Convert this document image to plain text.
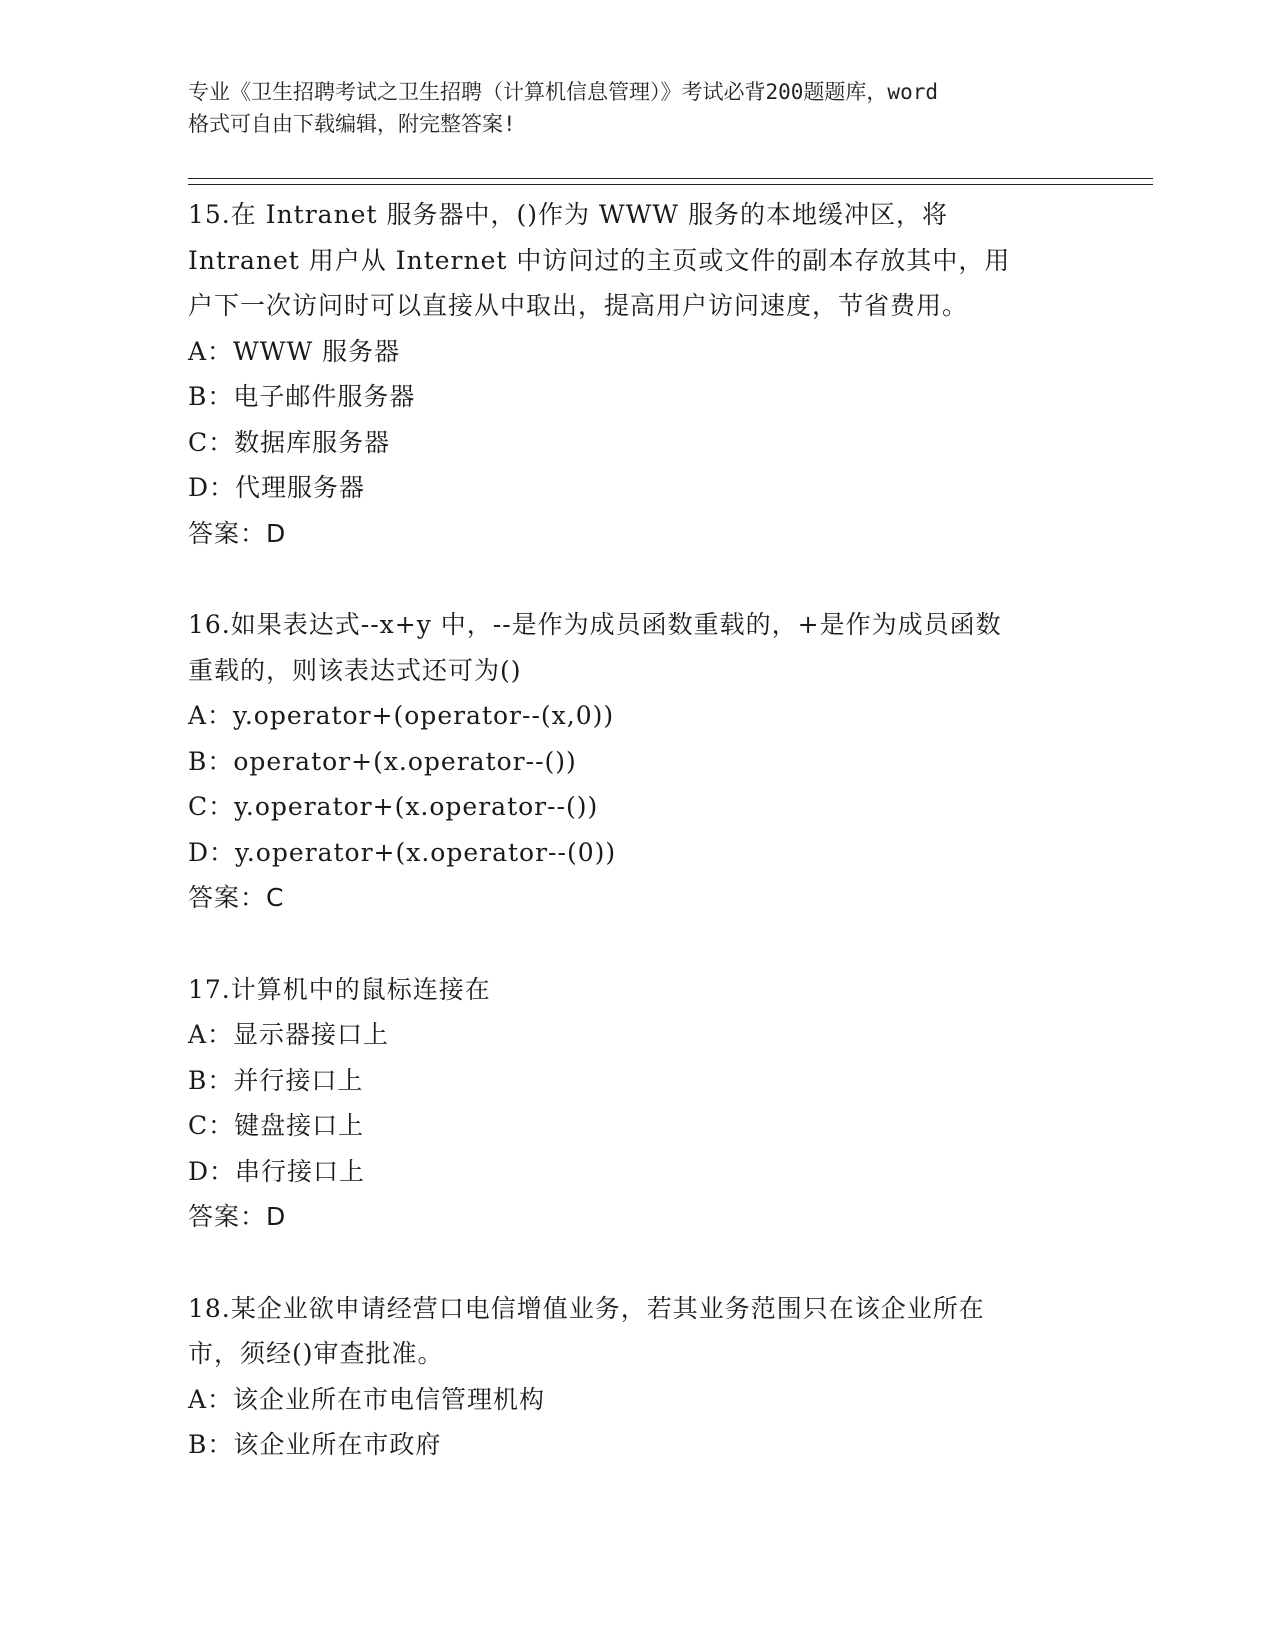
专业《卫生招聘考试之卫生招聘（计算机信息管理）》考试必背200题题库，word
格式可自由下载编辑，附完整答案!
15.在 Intranet 服务器中，()作为 WWW 服务的本地缓冲区，将
Intranet 用户从 Internet 中访问过的主页或文件的副本存放其中，用
户下一次访问时可以直接从中取出，提高用户访问速度，节省费用。
A：WWW 服务器
B：电子邮件服务器
C：数据库服务器
D：代理服务器
答案：D
16.如果表达式--x+y 中，--是作为成员函数重载的，+是作为成员函数
重载的，则该表达式还可为()
A：y.operator+(operator--(x,0))
B：operator+(x.operator--())
C：y.operator+(x.operator--())
D：y.operator+(x.operator--(0))
答案：C
17.计算机中的鼠标连接在
A：显示器接口上
B：并行接口上
C：键盘接口上
D：串行接口上
答案：D
18.某企业欲申请经营口电信增值业务，若其业务范围只在该企业所在
市，须经()审查批准。
A：该企业所在市电信管理机构
B：该企业所在市政府
